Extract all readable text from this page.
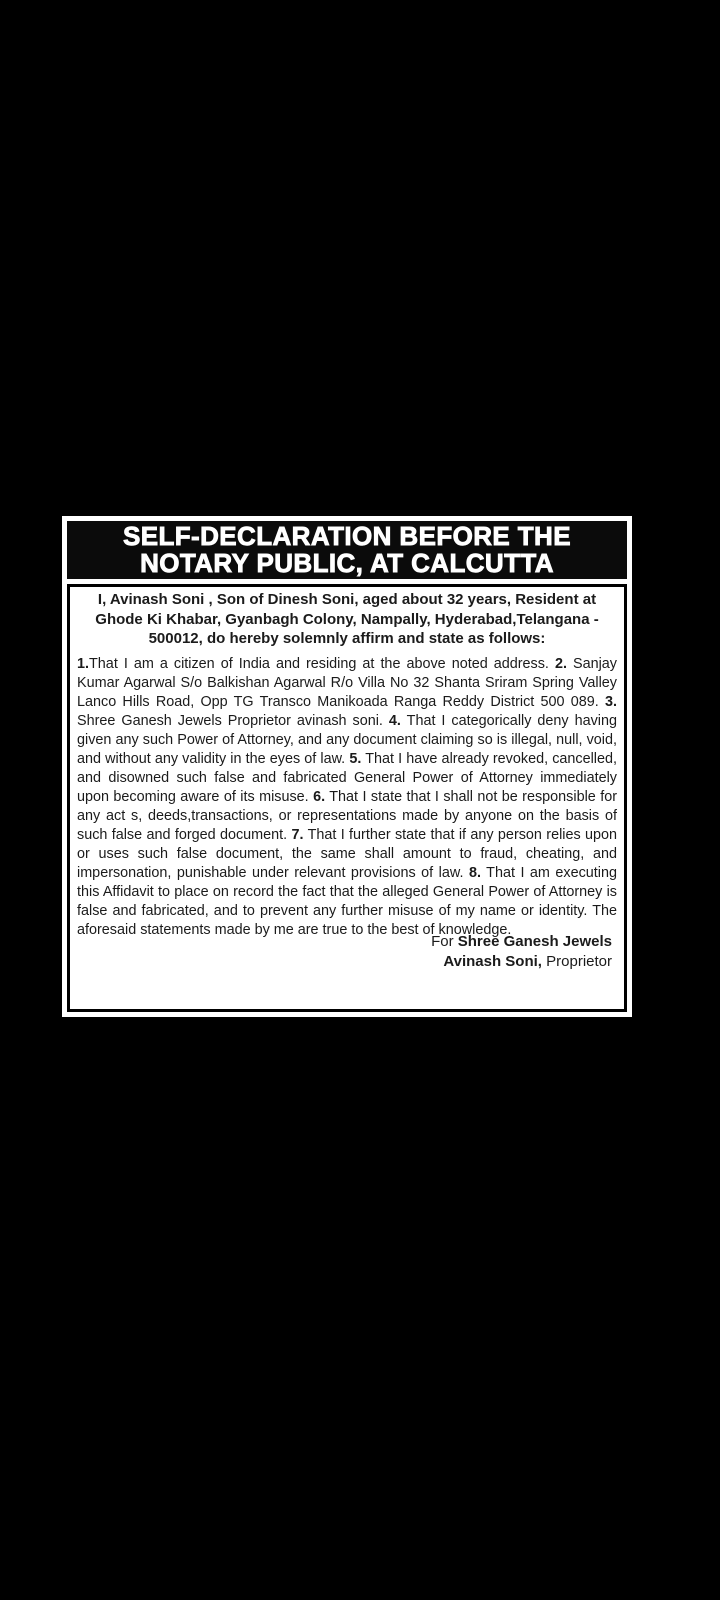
SELF-DECLARATION BEFORE THE
NOTARY PUBLIC, AT CALCUTTA

I, Avinash Soni , Son of Dinesh Soni, aged about 32 years, Resident at Ghode Ki Khabar, Gyanbagh Colony, Nampally, Hyderabad,Telangana - 500012, do hereby solemnly affirm and state as follows:

1.That I am a citizen of India and residing at the above noted address. 2. Sanjay Kumar Agarwal S/o Balkishan Agarwal R/o Villa No 32 Shanta Sriram Spring Valley Lanco Hills Road, Opp TG Transco Manikoada Ranga Reddy District 500 089. 3. Shree Ganesh Jewels Proprietor avinash soni. 4. That I categorically deny having given any such Power of Attorney, and any document claiming so is illegal, null, void, and without any validity in the eyes of law. 5. That I have already revoked, cancelled, and disowned such false and fabricated General Power of Attorney immediately upon becoming aware of its misuse. 6. That I state that I shall not be responsible for any act s, deeds,transactions, or representations made by anyone on the basis of such false and forged document. 7. That I further state that if any person relies upon or uses such false document, the same shall amount to fraud, cheating, and impersonation, punishable under relevant provisions of law. 8. That I am executing this Affidavit to place on record the fact that the alleged General Power of Attorney is false and fabricated, and to prevent any further misuse of my name or identity. The aforesaid statements made by me are true to the best of knowledge.

For Shree Ganesh Jewels
Avinash Soni, Proprietor
